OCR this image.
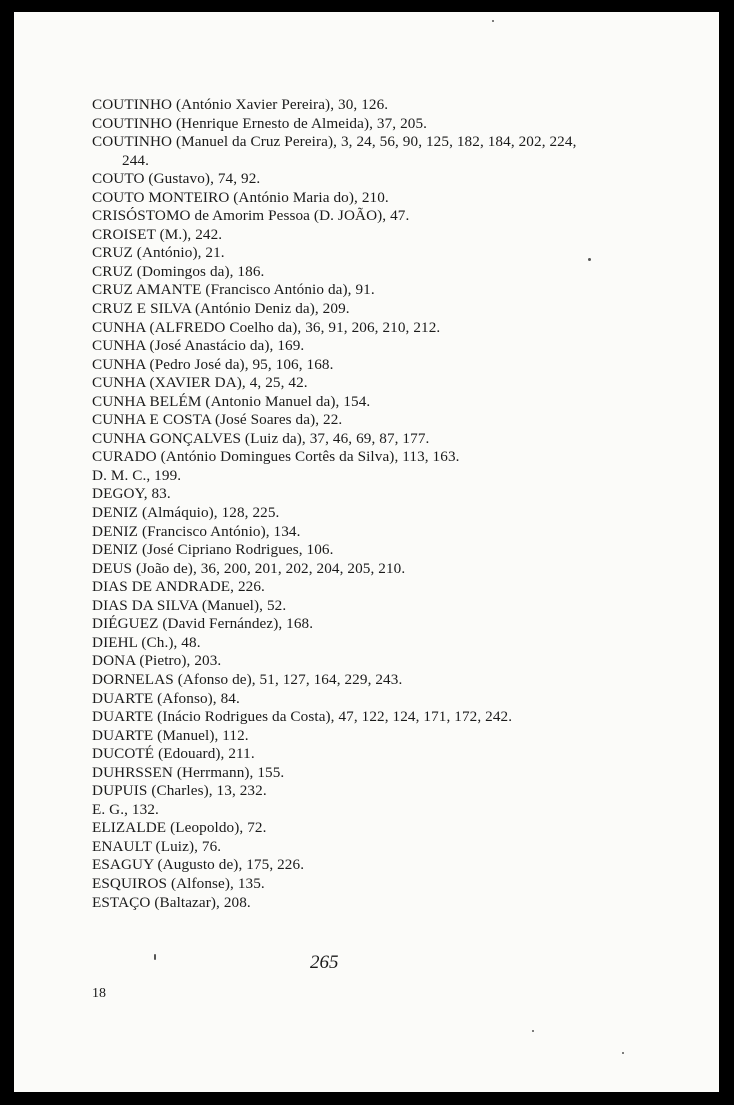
COUTINHO (António Xavier Pereira), 30, 126.
COUTINHO (Henrique Ernesto de Almeida), 37, 205.
COUTINHO (Manuel da Cruz Pereira), 3, 24, 56, 90, 125, 182, 184, 202, 224, 244.
COUTO (Gustavo), 74, 92.
COUTO MONTEIRO (António Maria do), 210.
CRISÓSTOMO de Amorim Pessoa (D. JOÃO), 47.
CROISET (M.), 242.
CRUZ (António), 21.
CRUZ (Domingos da), 186.
CRUZ AMANTE (Francisco António da), 91.
CRUZ E SILVA (António Deniz da), 209.
CUNHA (ALFREDO Coelho da), 36, 91, 206, 210, 212.
CUNHA (José Anastácio da), 169.
CUNHA (Pedro José da), 95, 106, 168.
CUNHA (XAVIER DA), 4, 25, 42.
CUNHA BELÉM (Antonio Manuel da), 154.
CUNHA E COSTA (José Soares da), 22.
CUNHA GONÇALVES (Luiz da), 37, 46, 69, 87, 177.
CURADO (António Domingues Cortês da Silva), 113, 163.
D. M. C., 199.
DEGOY, 83.
DENIZ (Almáquio), 128, 225.
DENIZ (Francisco António), 134.
DENIZ (José Cipriano Rodrigues, 106.
DEUS (João de), 36, 200, 201, 202, 204, 205, 210.
DIAS DE ANDRADE, 226.
DIAS DA SILVA (Manuel), 52.
DIÉGUEZ (David Fernández), 168.
DIEHL (Ch.), 48.
DONA (Pietro), 203.
DORNELAS (Afonso de), 51, 127, 164, 229, 243.
DUARTE (Afonso), 84.
DUARTE (Inácio Rodrigues da Costa), 47, 122, 124, 171, 172, 242.
DUARTE (Manuel), 112.
DUCOTÉ (Edouard), 211.
DUHRSSEN (Herrmann), 155.
DUPUIS (Charles), 13, 232.
E. G., 132.
ELIZALDE (Leopoldo), 72.
ENAULT (Luiz), 76.
ESAGUY (Augusto de), 175, 226.
ESQUIROS (Alfonse), 135.
ESTAÇO (Baltazar), 208.
265
18
